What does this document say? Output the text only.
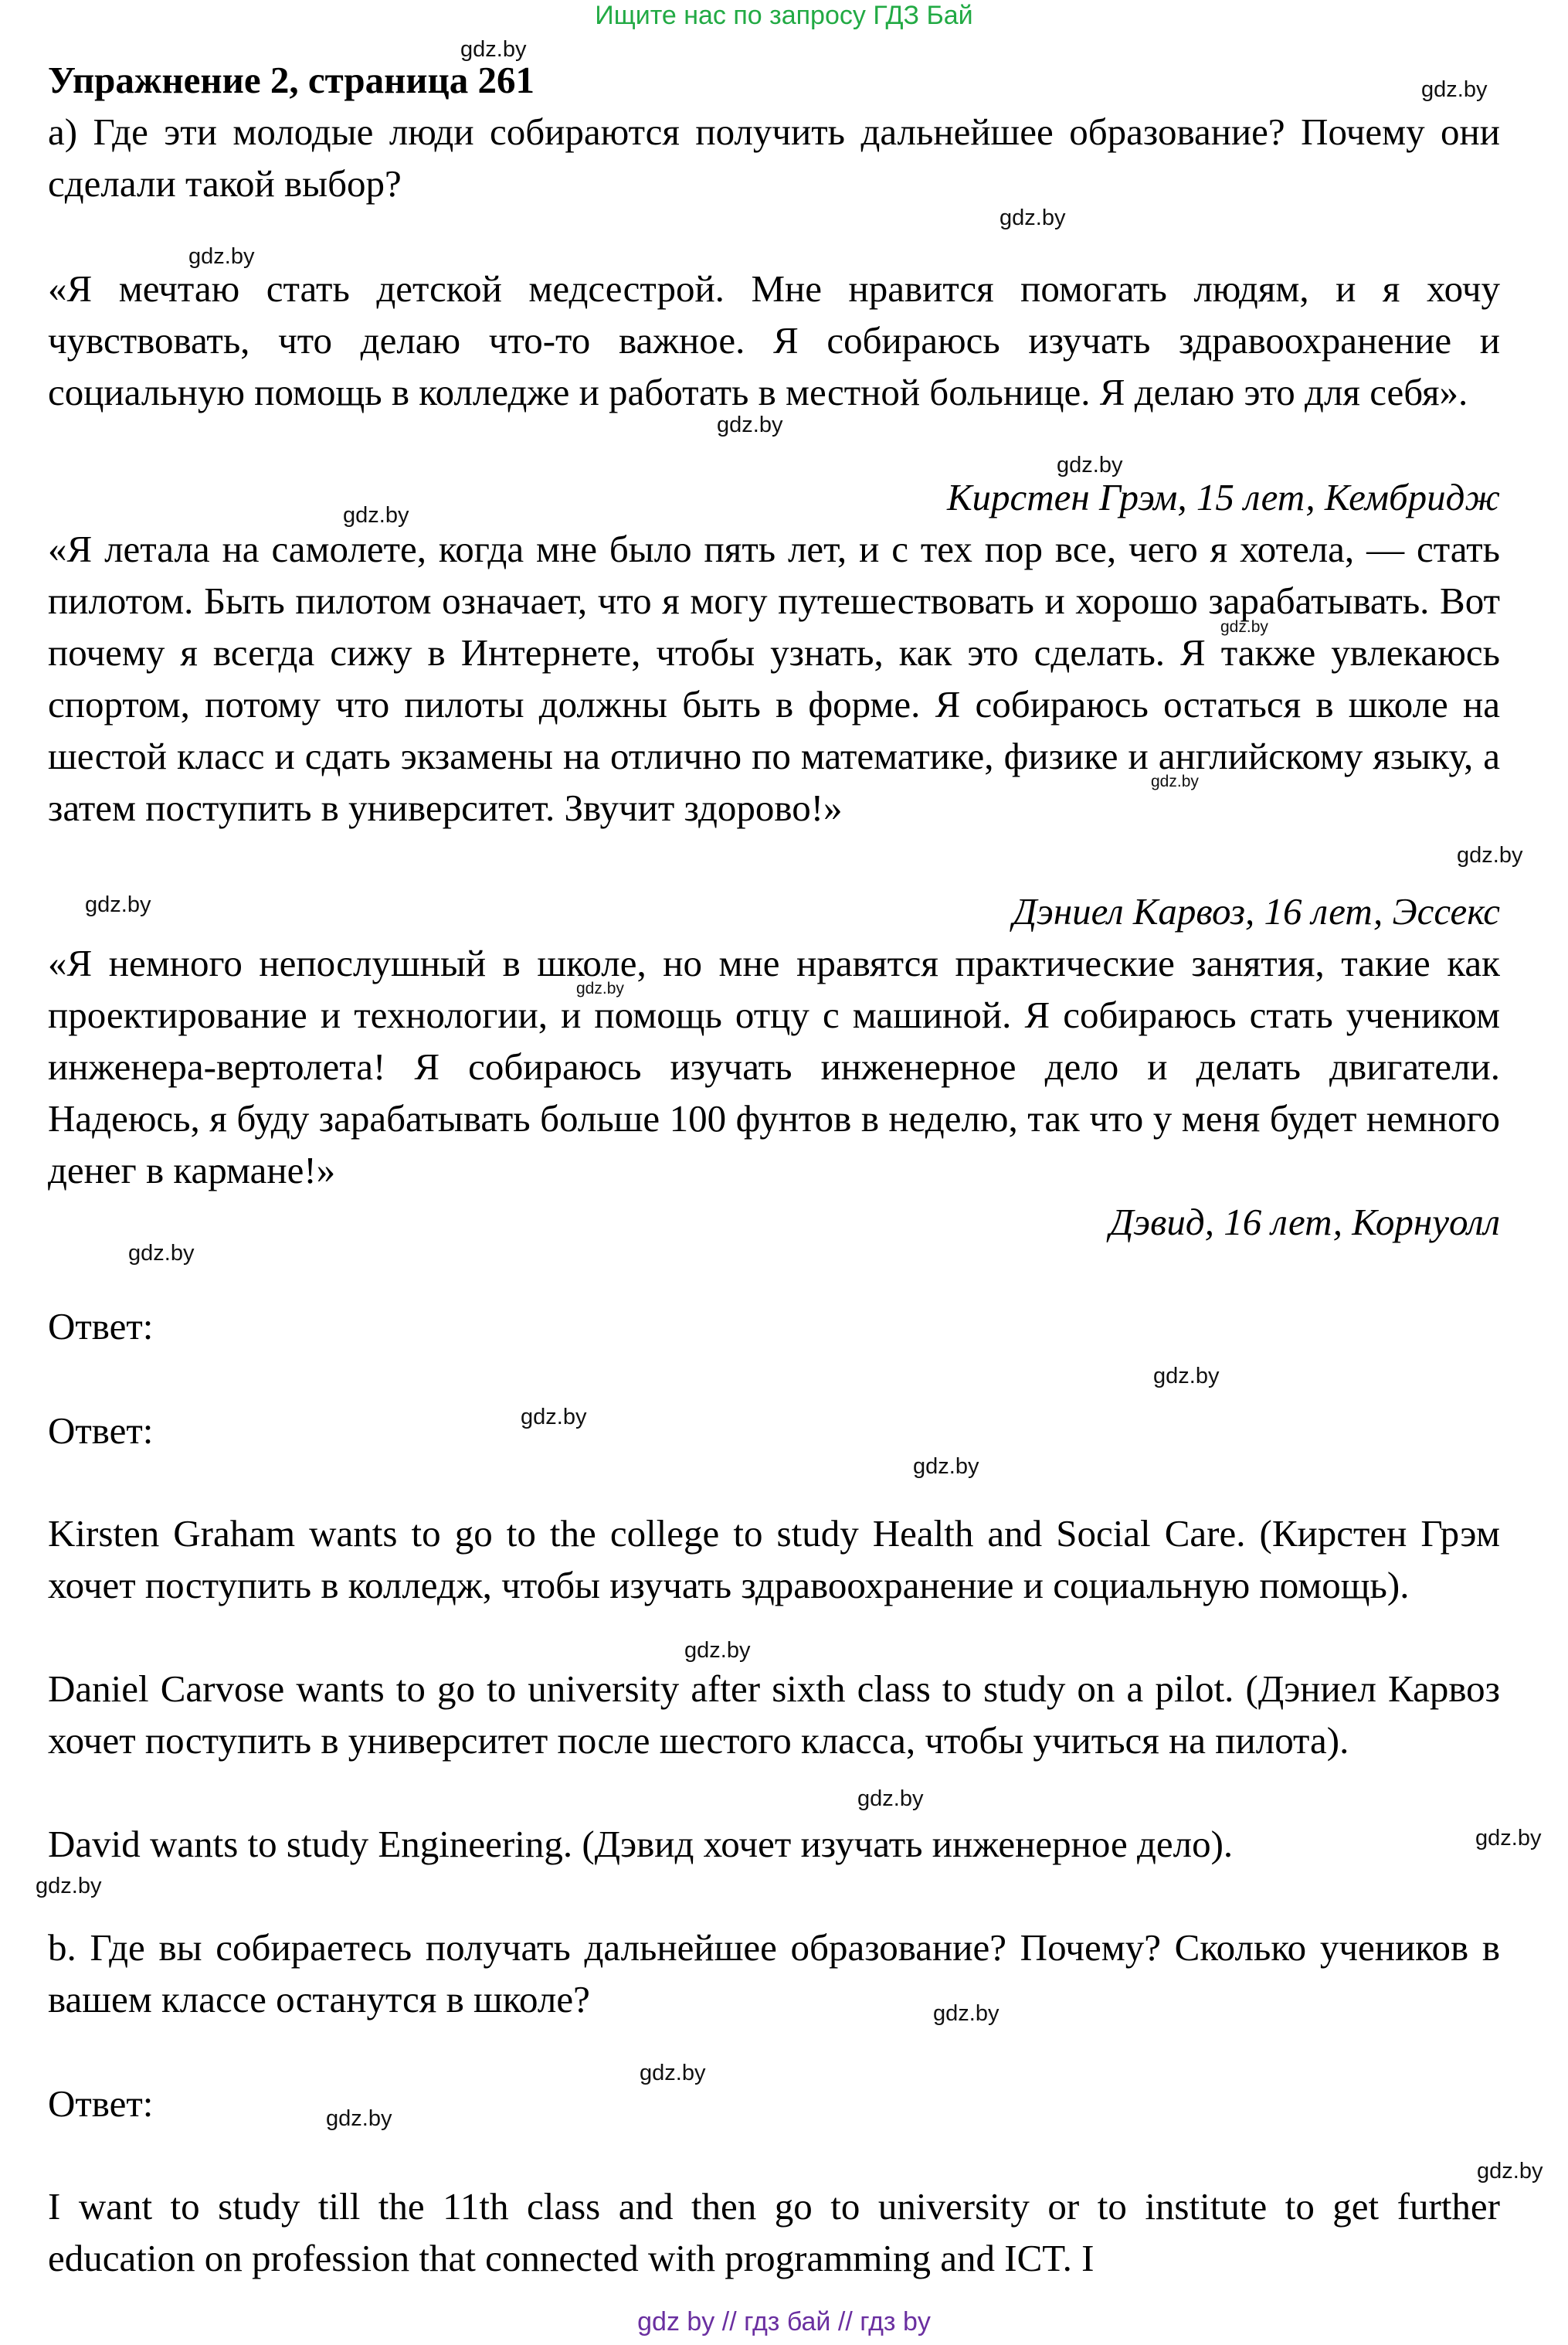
Ищите нас по запросу ГДЗ Бай
Упражнение 2, страница 261
а) Где эти молодые люди собираются получить дальнейшее образование? Почему они сделали такой выбор?
«Я мечтаю стать детской медсестрой. Мне нравится помогать людям, и я хочу чувствовать, что делаю что-то важное. Я собираюсь изучать здравоохранение и социальную помощь в колледже и работать в местной больнице. Я делаю это для себя».
Кирстен Грэм, 15 лет, Кембридж
«Я летала на самолете, когда мне было пять лет, и с тех пор все, чего я хотела, — стать пилотом. Быть пилотом означает, что я могу путешествовать и хорошо зарабатывать. Вот почему я всегда сижу в Интернете, чтобы узнать, как это сделать. Я также увлекаюсь спортом, потому что пилоты должны быть в форме. Я собираюсь остаться в школе на шестой класс и сдать экзамены на отлично по математике, физике и английскому языку, а затем поступить в университет. Звучит здорово!»
Дэниел Карвоз, 16 лет, Эссекс
«Я немного непослушный в школе, но мне нравятся практические занятия, такие как проектирование и технологии, и помощь отцу с машиной. Я собираюсь стать учеником инженера-вертолета! Я собираюсь изучать инженерное дело и делать двигатели. Надеюсь, я буду зарабатывать больше 100 фунтов в неделю, так что у меня будет немного денег в кармане!»
Дэвид, 16 лет, Корнуолл
Ответ:
Ответ:
Kirsten Graham wants to go to the college to study Health and Social Care. (Кирстен Грэм хочет поступить в колледж, чтобы изучать здравоохранение и социальную помощь).
Daniel Carvose wants to go to university after sixth class to study on a pilot. (Дэниел Карвоз хочет поступить в университет после шестого класса, чтобы учиться на пилота).
David wants to study Engineering. (Дэвид хочет изучать инженерное дело).
b. Где вы собираетесь получать дальнейшее образование? Почему? Сколько учеников в вашем классе останутся в школе?
Ответ:
I want to study till the 11th class and then go to university or to institute to get further education on profession that connected with programming and ICT. I
gdz.by
gdz.by
gdz.by
gdz.by
gdz.by
gdz.by
gdz.by
gdz.by
gdz.by
gdz.by
gdz.by
gdz.by
gdz.by
gdz.by
gdz.by
gdz.by
gdz.by
gdz.by
gdz.by
gdz.by
gdz.by
gdz.by
gdz.by
gdz.by
gdz by // гдз бай // гдз by
